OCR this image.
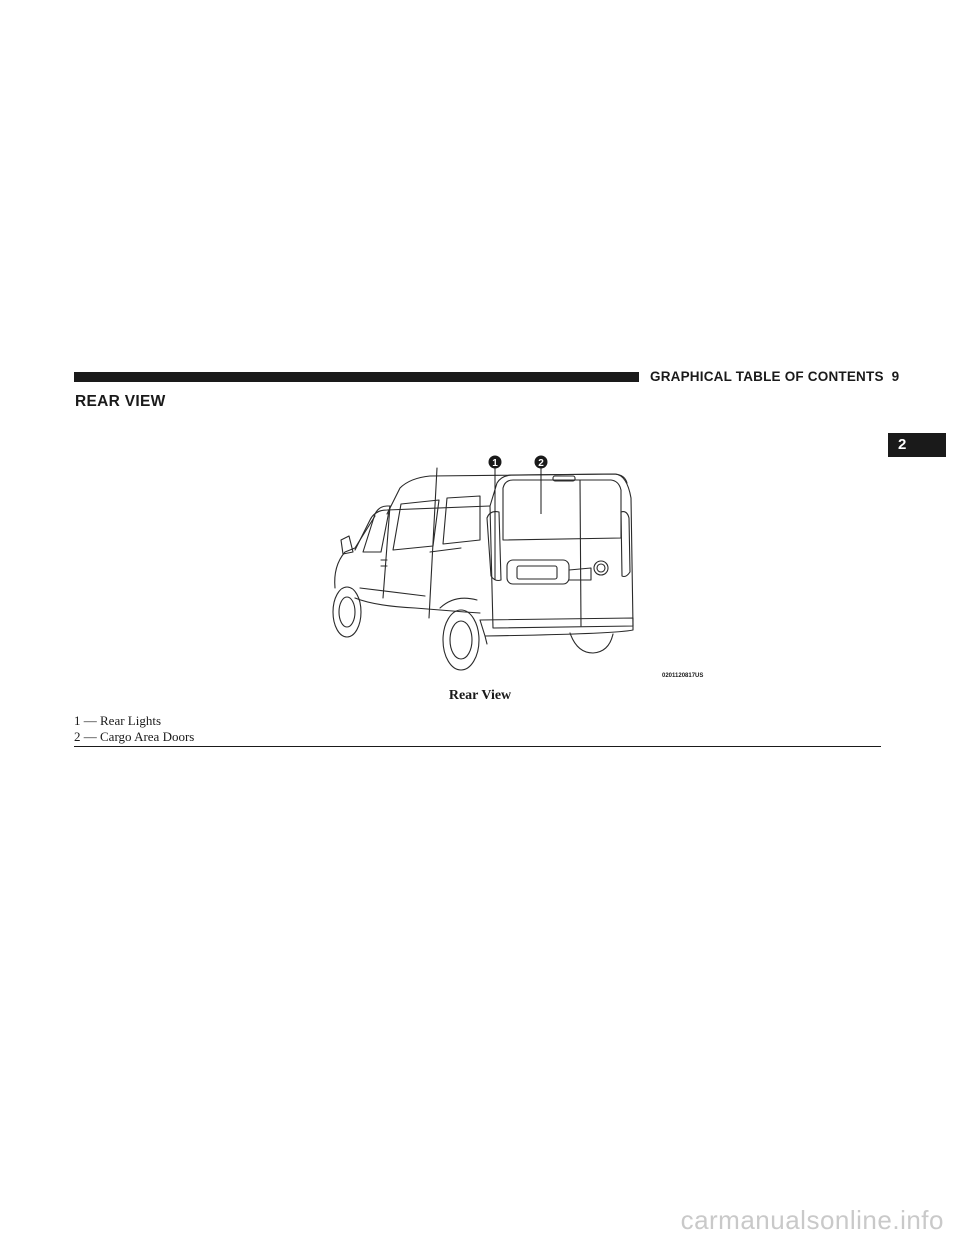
GRAPHICAL TABLE OF CONTENTS 9
REAR VIEW
2
1	2
0201120817US
Rear View
1 — Rear Lights
2 — Cargo Area Doors
carmanualsonline.info
